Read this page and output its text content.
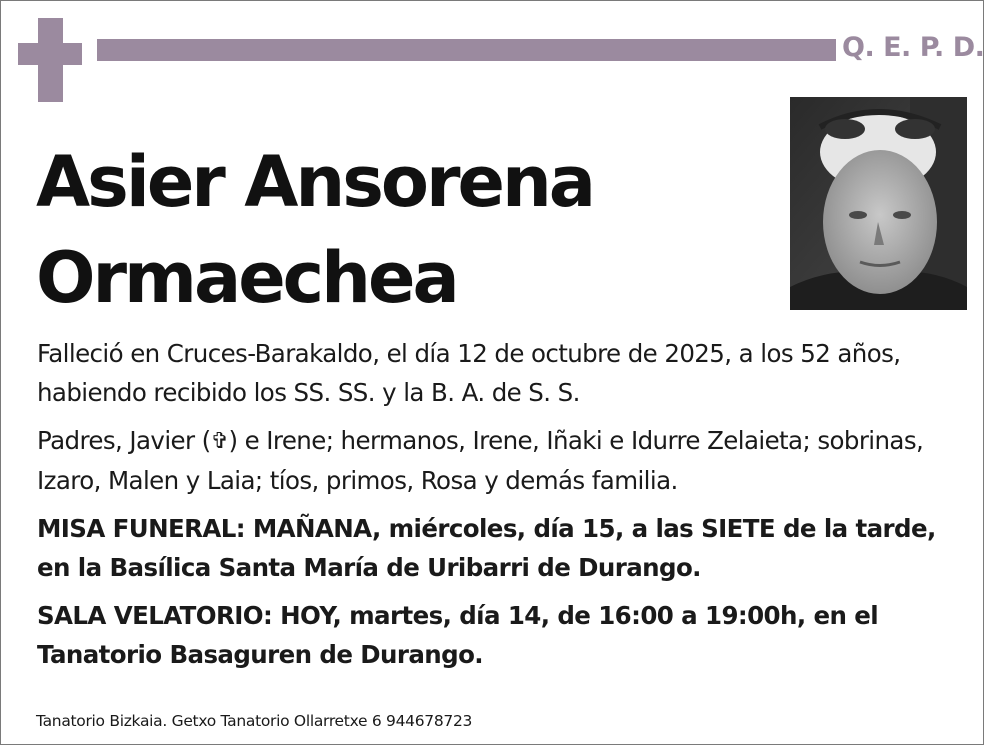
Q. E. P. D.
Asier Ansorena
Ormaechea

Falleció en Cruces-Barakaldo, el día 12 de octubre de 2025, a los 52 años, habiendo recibido los SS. SS. y la B. A. de S. S.

Padres, Javier (✞) e Irene; hermanos, Irene, Iñaki e Idurre Zelaieta; sobrinas, Izaro, Malen y Laia; tíos, primos, Rosa y demás familia.

MISA FUNERAL: MAÑANA, miércoles, día 15, a las SIETE de la tarde, en la Basílica Santa María de Uribarri de Durango.

SALA VELATORIO: HOY, martes, día 14, de 16:00 a 19:00h, en el Tanatorio Basaguren de Durango.

Tanatorio Bizkaia. Getxo Tanatorio Ollarretxe 6 944678723
